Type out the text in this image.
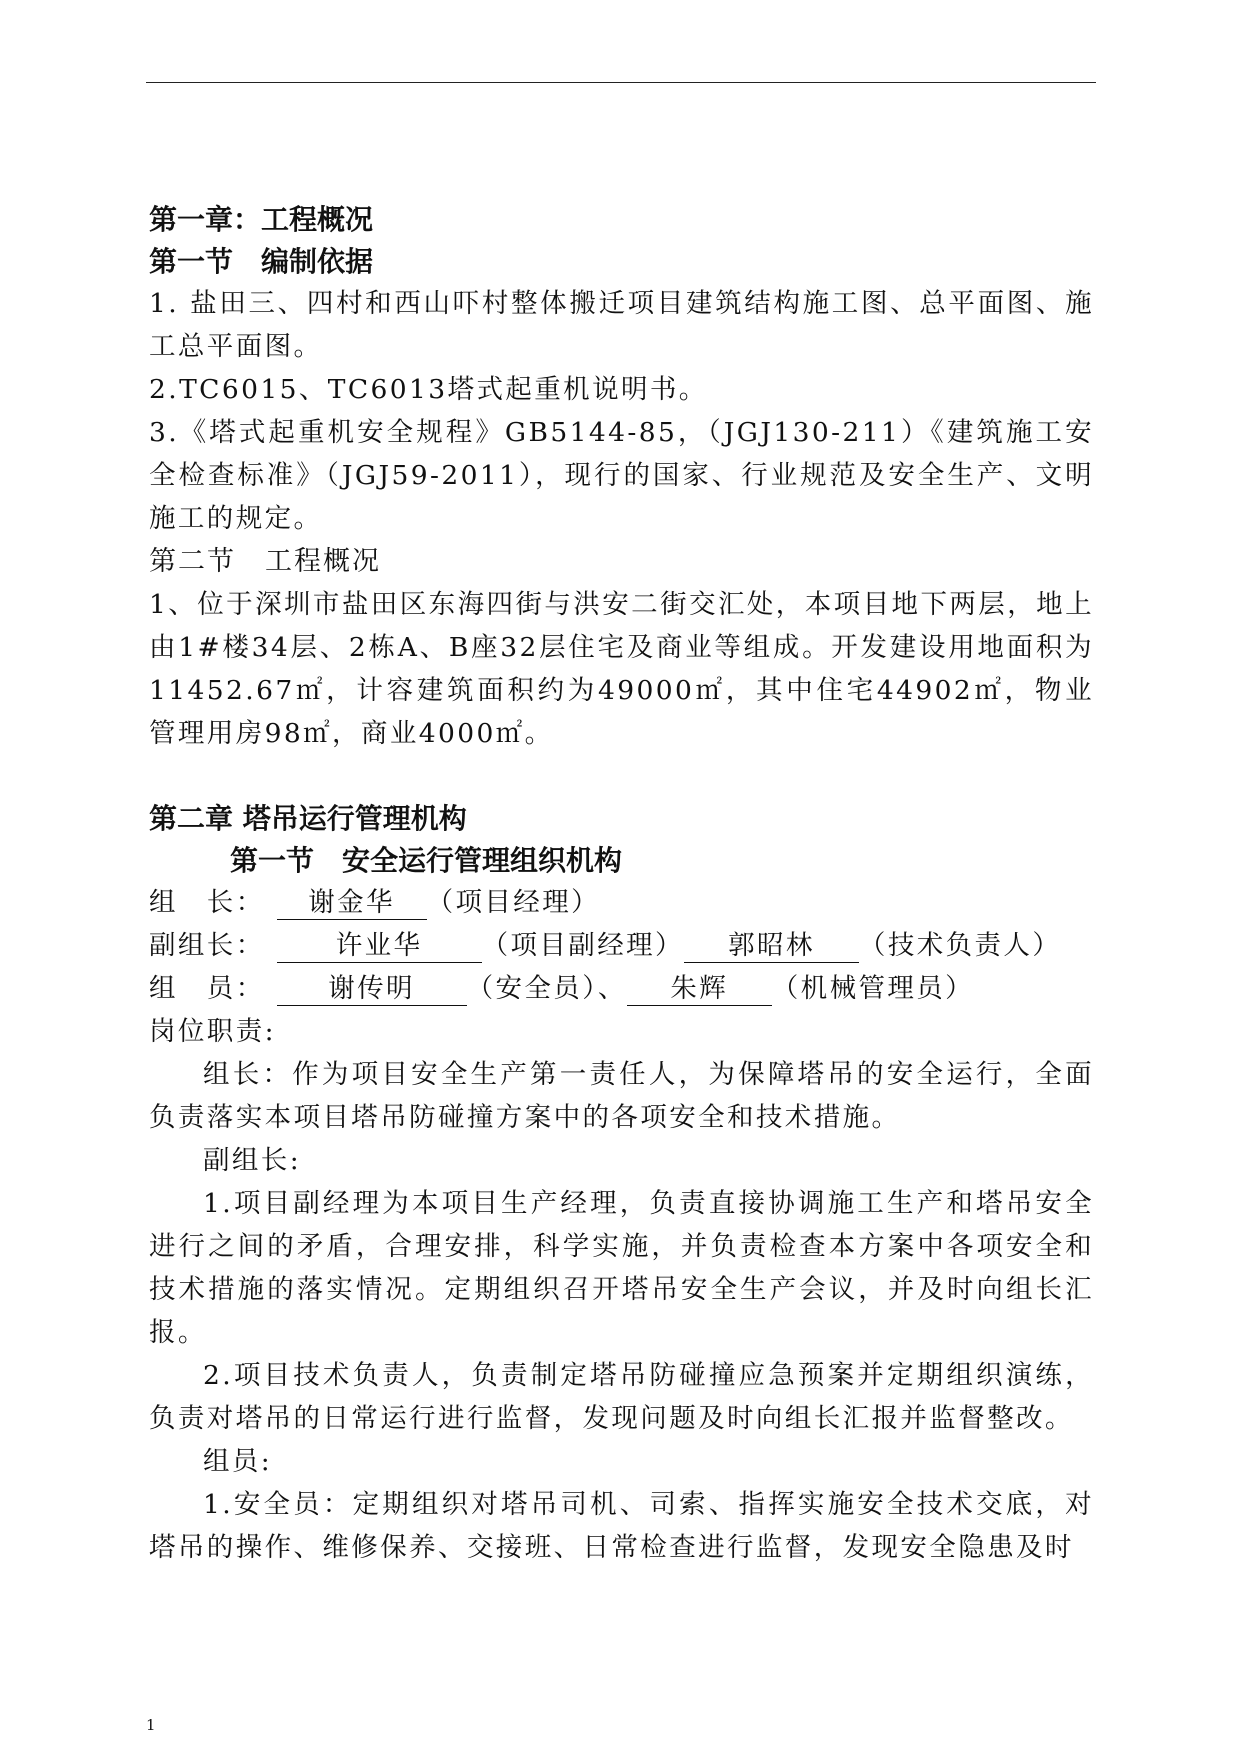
第一章：工程概况
第一节　编制依据

1. 盐田三、四村和西山吓村整体搬迁项目建筑结构施工图、总平面图、施工总平面图。

2.TC6015、TC6013塔式起重机说明书。

3.《塔式起重机安全规程》GB5144-85，（JGJ130-211）《建筑施工安全检查标准》（JGJ59-2011），现行的国家、行业规范及安全生产、文明施工的规定。

第二节　工程概况

1、位于深圳市盐田区东海四街与洪安二街交汇处，本项目地下两层，地上由1#楼34层、2栋A、B座32层住宅及商业等组成。开发建设用地面积为11452.67㎡，计容建筑面积约为49000㎡，其中住宅44902㎡，物业管理用房98㎡，商业4000㎡。

第二章 塔吊运行管理机构
第一节　安全运行管理组织机构
组　长： 谢金华 （项目经理）
副组长：	许业华 （项目副经理） 郭昭林 （技术负责人）
组　员： 谢传明 （安全员）、 朱辉 （机械管理员）
岗位职责:

组长：作为项目安全生产第一责任人，为保障塔吊的安全运行，全面负责落实本项目塔吊防碰撞方案中的各项安全和技术措施。

副组长:

1.项目副经理为本项目生产经理，负责直接协调施工生产和塔吊安全进行之间的矛盾，合理安排，科学实施，并负责检查本方案中各项安全和技术措施的落实情况。定期组织召开塔吊安全生产会议，并及时向组长汇报。

2.项目技术负责人，负责制定塔吊防碰撞应急预案并定期组织演练，负责对塔吊的日常运行进行监督，发现问题及时向组长汇报并监督整改。

组员:

1.安全员：定期组织对塔吊司机、司索、指挥实施安全技术交底，对塔吊的操作、维修保养、交接班、日常检查进行监督，发现安全隐患及时

1
